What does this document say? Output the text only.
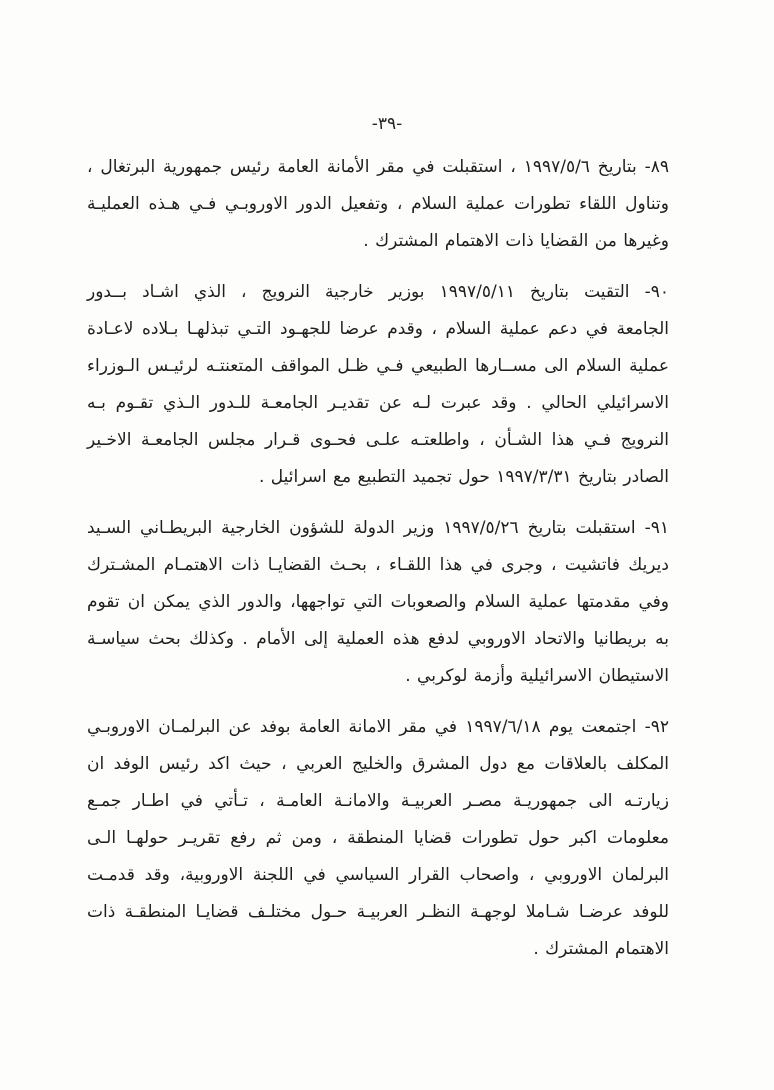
-٣٩-
٨٩- بتاريخ ١٩٩٧/٥/٦ ، استقبلت في مقر الأمانة العامة رئيس جمهورية البرتغال ،
وتناول اللقاء تطورات عملية السلام ، وتفعيل الدور الاوروبـي فـي هـذه العمليـة
وغيرها من القضايا ذات الاهتمام المشترك .
٩٠- التقيت بتاريخ ١٩٩٧/٥/١١ بوزير خارجية النرويج ، الذي اشـاد بــدور
الجامعة في دعم عملية السلام ، وقدم عرضا للجهـود التـي تبذلهـا بـلاده لاعـادة
عملية السلام الى مســارها الطبيعي فـي ظـل المواقف المتعنتـه لرئيـس الـوزراء
الاسرائيلي الحالي . وقد عبرت لـه عن تقديـر الجامعـة للـدور الـذي تقـوم بـه
النرويج فـي هذا الشـأن ، واطلعتـه علـى فحـوى قـرار مجلس الجامعـة الاخـير
الصادر بتاريخ ١٩٩٧/٣/٣١ حول تجميد التطبيع مع اسرائيل .
٩١- استقبلت بتاريخ ١٩٩٧/٥/٢٦ وزير الدولة للشؤون الخارجية البريطـاني السـيد
ديريك فاتشيت ، وجرى في هذا اللقـاء ، بحـث القضايـا ذات الاهتمـام المشـترك
وفي مقدمتها عملية السلام والصعوبات التي تواجهها، والدور الذي يمكن ان تقوم
به بريطانيا والاتحاد الاوروبي لدفع هذه العملية إلى الأمام . وكذلك بحث سياسـة
الاستيطان الاسرائيلية وأزمة لوكربي .
٩٢- اجتمعت يوم ١٩٩٧/٦/١٨ في مقر الامانة العامة بوفد عن البرلمـان الاوروبـي
المكلف بالعلاقات مع دول المشرق والخليج العربي ، حيث اكد رئيس الوفد ان
زيارتـه الى جمهوريـة مصـر العربيـة والامانـة العامـة ، تـأتي في اطـار جمـع
معلومات اكبر حول تطورات قضايا المنطقة ، ومن ثم رفع تقريـر حولهـا الـى
البرلمان الاوروبي ، واصحاب القرار السياسي في اللجنة الاوروبية، وقد قدمـت
للوفد عرضـا شـاملا لوجهـة النظـر العربيـة حـول مختلـف قضايـا المنطقـة ذات
الاهتمام المشترك .
